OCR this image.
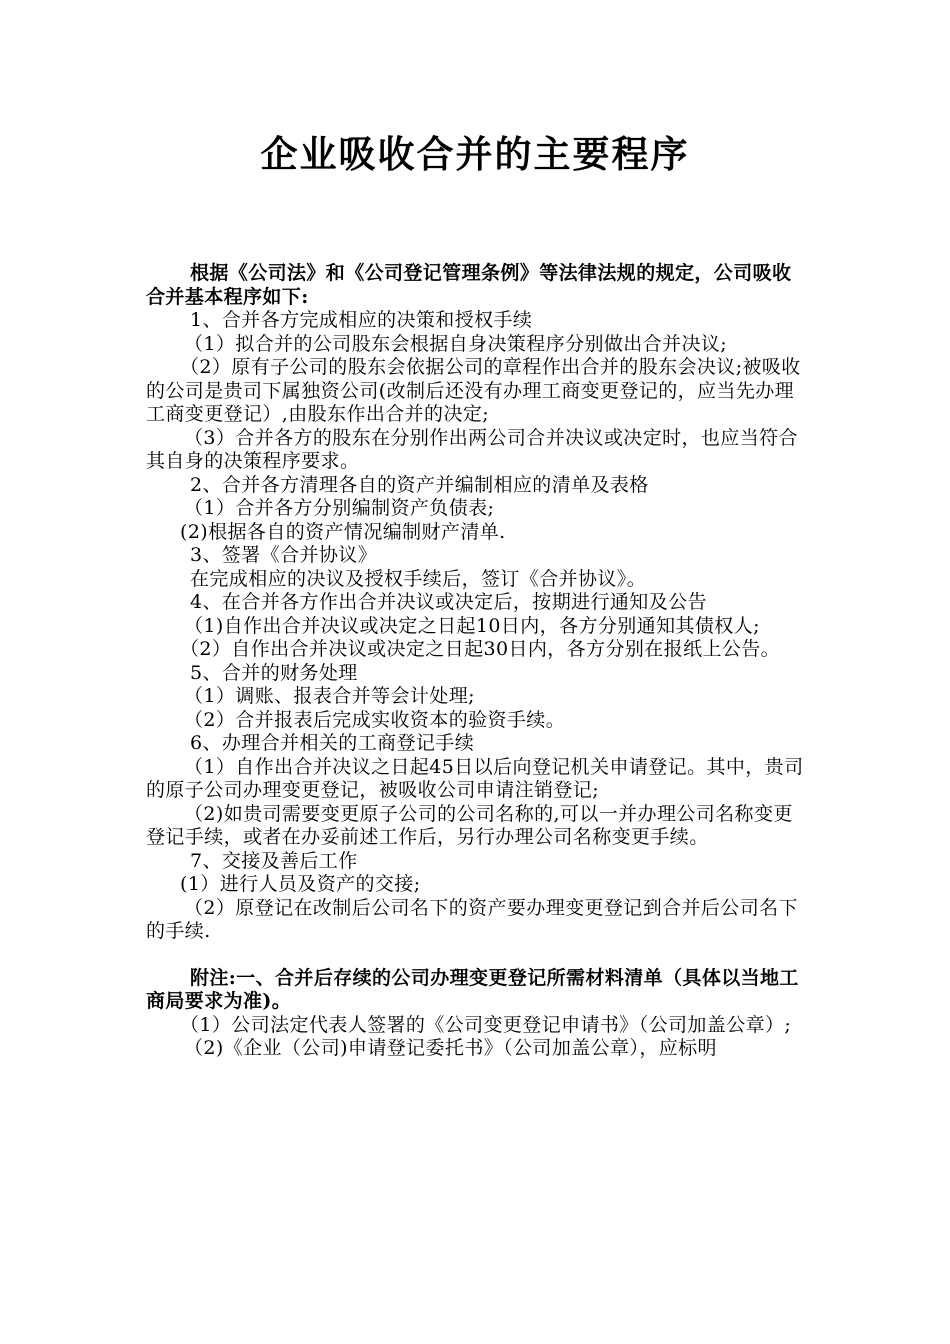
企业吸收合并的主要程序

根据《公司法》和《公司登记管理条例》等法律法规的规定，公司吸收合并基本程序如下:

1、合并各方完成相应的决策和授权手续

（1）拟合并的公司股东会根据自身决策程序分别做出合并决议;

（2）原有子公司的股东会依据公司的章程作出合并的股东会决议;被吸收的公司是贵司下属独资公司(改制后还没有办理工商变更登记的，应当先办理工商变更登记）,由股东作出合并的决定;

（3）合并各方的股东在分别作出两公司合并决议或决定时，也应当符合其自身的决策程序要求。

2、合并各方清理各自的资产并编制相应的清单及表格

（1）合并各方分别编制资产负债表;

(2)根据各自的资产情况编制财产清单.

3、签署《合并协议》

在完成相应的决议及授权手续后，签订《合并协议》。

4、在合并各方作出合并决议或决定后，按期进行通知及公告

（1)自作出合并决议或决定之日起10日内，各方分别通知其债权人;

（2）自作出合并决议或决定之日起30日内，各方分别在报纸上公告。

5、合并的财务处理

（1）调账、报表合并等会计处理;

（2）合并报表后完成实收资本的验资手续。

6、办理合并相关的工商登记手续

（1）自作出合并决议之日起45日以后向登记机关申请登记。其中，贵司的原子公司办理变更登记，被吸收公司申请注销登记;

（2)如贵司需要变更原子公司的公司名称的,可以一并办理公司名称变更登记手续，或者在办妥前述工作后，另行办理公司名称变更手续。

7、交接及善后工作

(1）进行人员及资产的交接;

（2）原登记在改制后公司名下的资产要办理变更登记到合并后公司名下的手续.

附注:一、合并后存续的公司办理变更登记所需材料清单（具体以当地工商局要求为准)。

（1）公司法定代表人签署的《公司变更登记申请书》（公司加盖公章）;

（2)《企业（公司)申请登记委托书》（公司加盖公章），应标明
